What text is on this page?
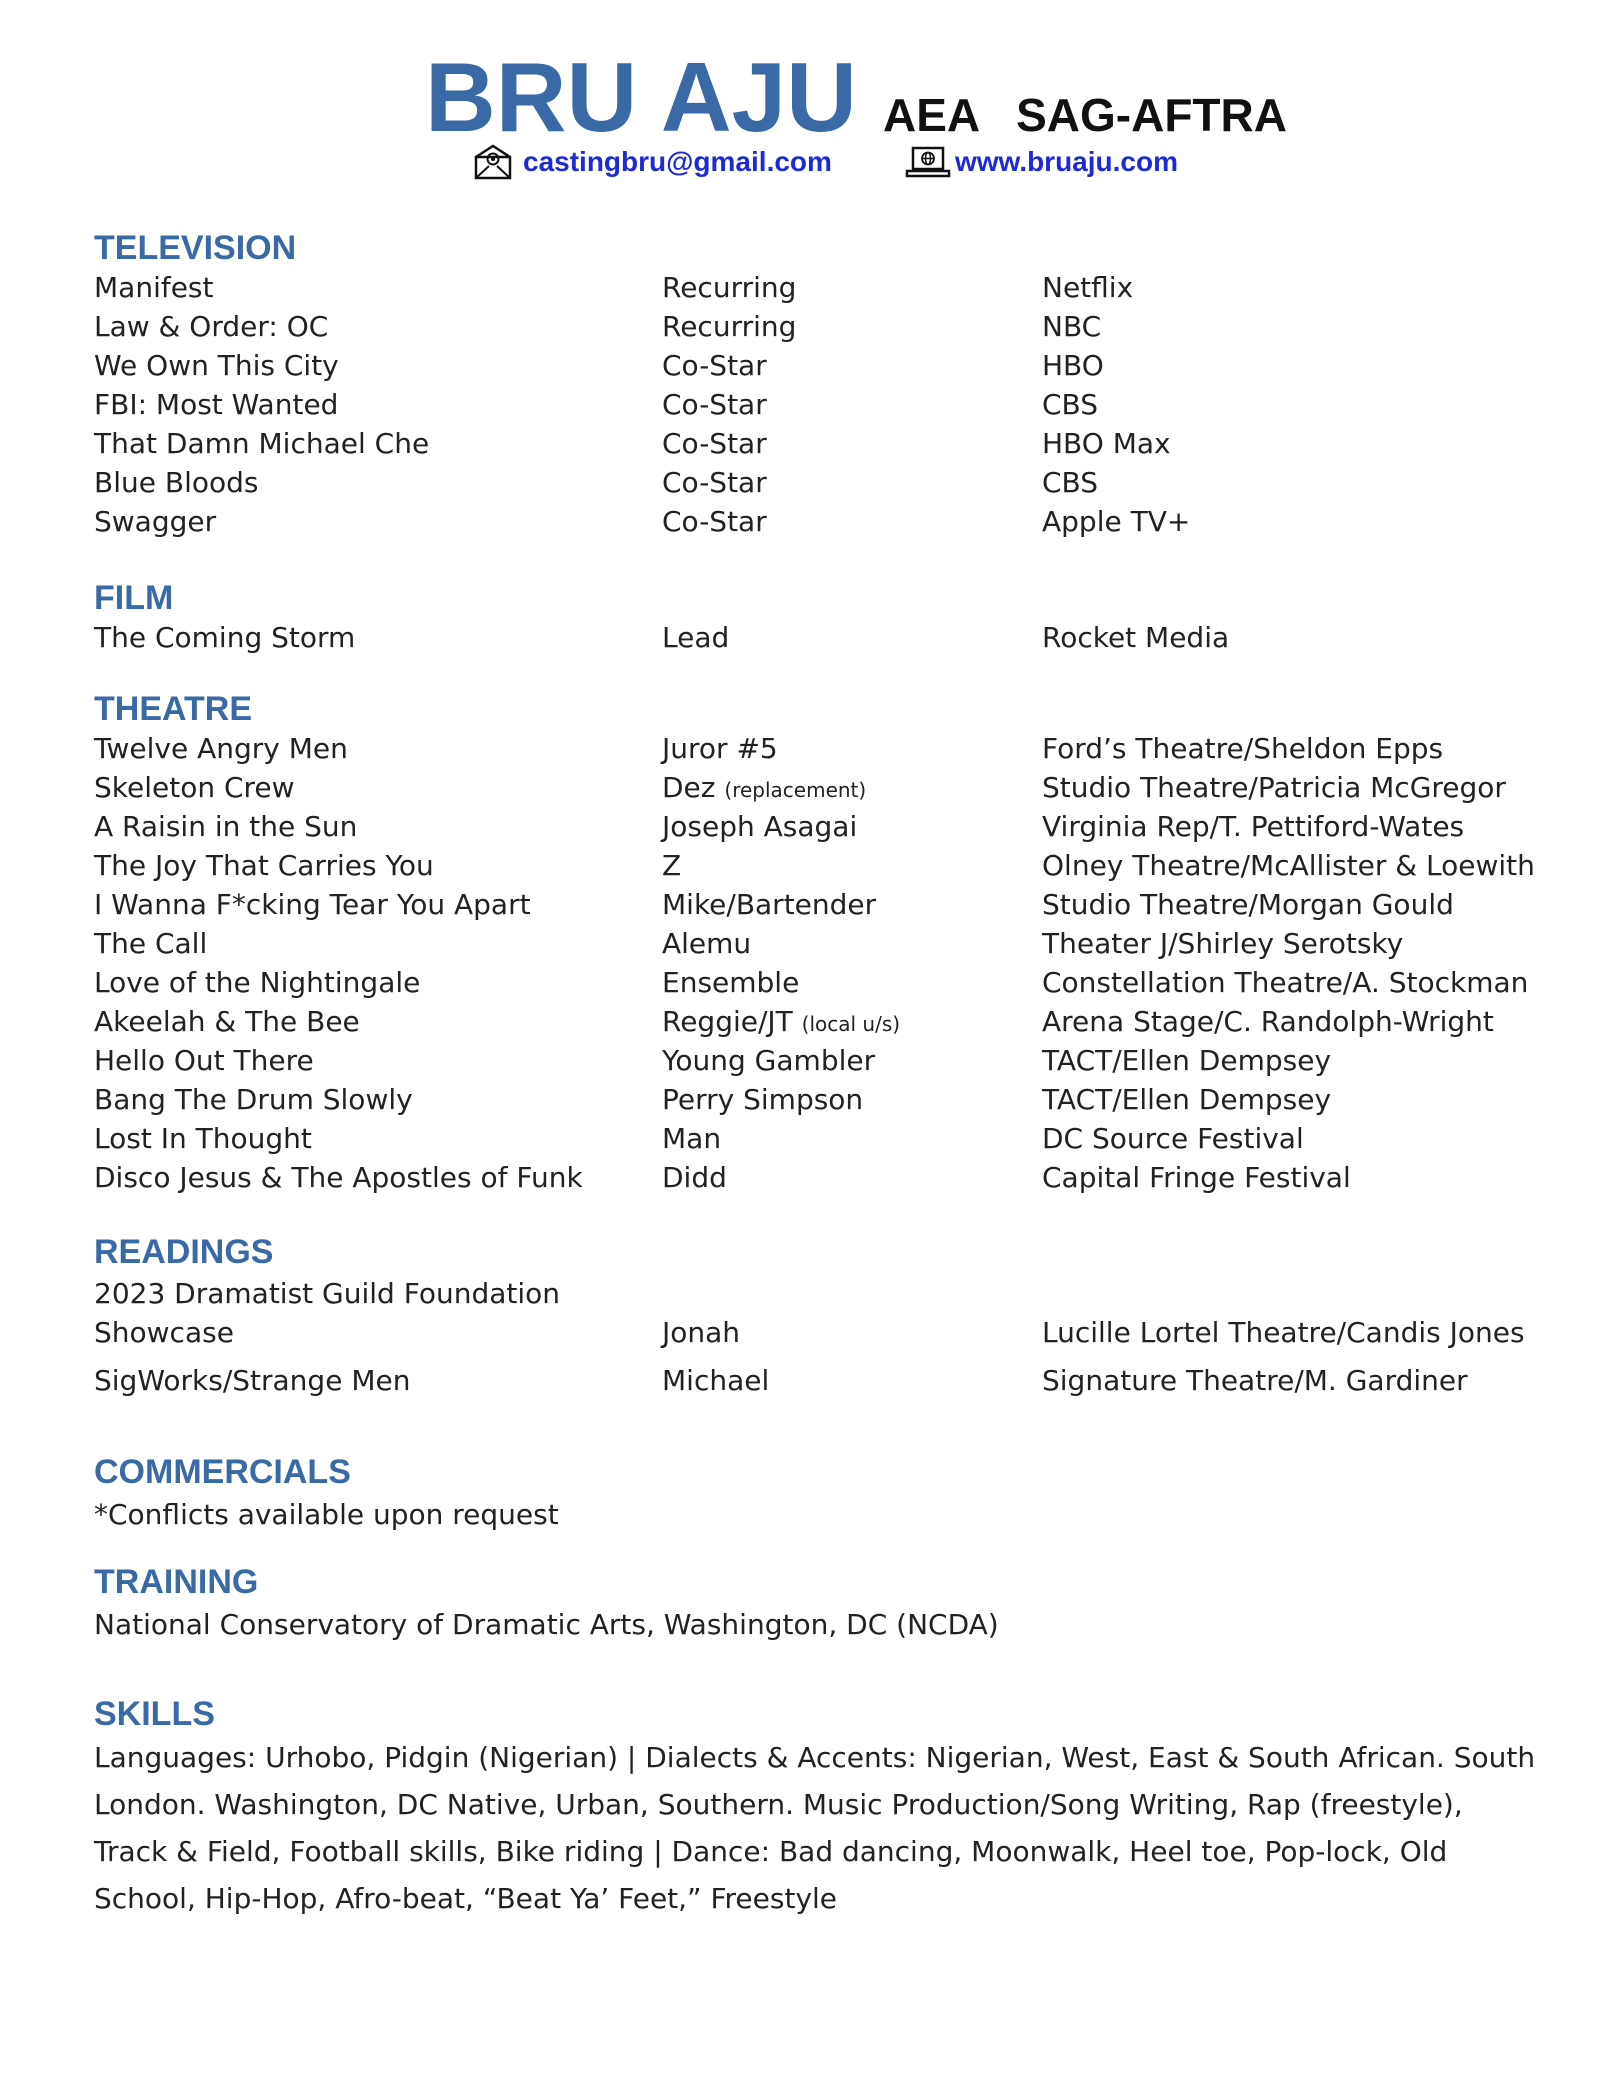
BRU AJU AEA SAG-AFTRA
castingbru@gmail.com	www.bruaju.com
TELEVISION
Manifest	Recurring	Netflix
Law & Order: OC	Recurring	NBC
We Own This City	Co-Star	HBO
FBI: Most Wanted	Co-Star	CBS
That Damn Michael Che	Co-Star	HBO Max
Blue Bloods	Co-Star	CBS
Swagger	Co-Star	Apple TV+
FILM
The Coming Storm	Lead	Rocket Media
THEATRE
Twelve Angry Men	Juror #5	Ford’s Theatre/Sheldon Epps
Skeleton Crew	Dez (replacement)	Studio Theatre/Patricia McGregor
A Raisin in the Sun	Joseph Asagai	Virginia Rep/T. Pettiford-Wates
The Joy That Carries You	Z	Olney Theatre/McAllister & Loewith
I Wanna F*cking Tear You Apart	Mike/Bartender	Studio Theatre/Morgan Gould
The Call	Alemu	Theater J/Shirley Serotsky
Love of the Nightingale	Ensemble	Constellation Theatre/A. Stockman
Akeelah & The Bee	Reggie/JT (local u/s)	Arena Stage/C. Randolph-Wright
Hello Out There	Young Gambler	TACT/Ellen Dempsey
Bang The Drum Slowly	Perry Simpson	TACT/Ellen Dempsey
Lost In Thought	Man	DC Source Festival
Disco Jesus & The Apostles of Funk	Didd	Capital Fringe Festival
READINGS
2023 Dramatist Guild Foundation
Showcase	Jonah	Lucille Lortel Theatre/Candis Jones
SigWorks/Strange Men	Michael	Signature Theatre/M. Gardiner
COMMERCIALS
*Conflicts available upon request
TRAINING
National Conservatory of Dramatic Arts, Washington, DC (NCDA)
SKILLS
Languages: Urhobo, Pidgin (Nigerian) | Dialects & Accents: Nigerian, West, East & South African. South London. Washington, DC Native, Urban, Southern. Music Production/Song Writing, Rap (freestyle), Track & Field, Football skills, Bike riding | Dance: Bad dancing, Moonwalk, Heel toe, Pop-lock, Old School, Hip-Hop, Afro-beat, “Beat Ya’ Feet,” Freestyle
